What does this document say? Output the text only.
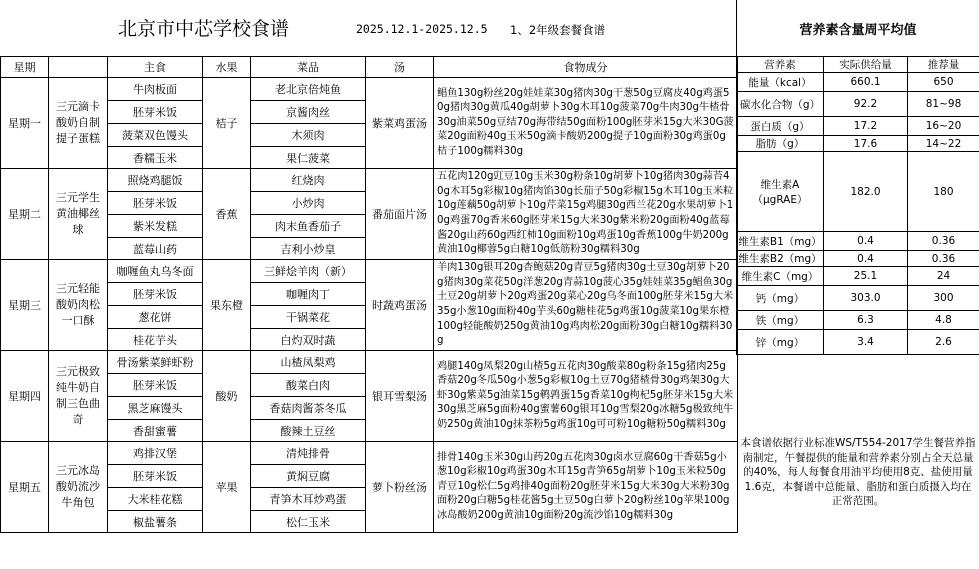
北京市中芯学校食谱	2025.12.1-2025.12.5 1、2年级套餐食谱	营养素含量周平均值
星期		主食	水果	菜品	汤	食物成分
星期一	三元滴卡酸奶自制提子蛋糕	牛肉板面	桔子	老北京倍炖鱼	紫菜鸡蛋汤	鲳鱼130g粉丝20g娃娃菜30g猪肉30g干葱50g豆腐皮40g鸡蛋50g猪肉30g黄瓜40g胡萝卜30g木耳10g菠菜70g牛肉30g牛楂骨30g油菜50g豆结70g海带结50g面粉100g胚芽米15g大米30G菠菜20g面粉40g玉米50g滴卡酸奶200g提子10g面粉30g鸡蛋0g桔子100g糯料30g
		胚芽米饭		京酱肉丝		
		菠菜双色馒头		木须肉		
		香糯玉米		果仁菠菜		
星期二	三元学生黄油椰丝球	照烧鸡腿饭	香蕉	红烧肉	番茄面片汤	五花肉120g豇豆10g玉米30g粉条10g胡萝卜10g猪肉30g蒜苔40g木耳5g彩椒10g猪肉馅30g长茄子50g彩椒15g木耳10g玉米粒10g莲藕50g胡萝卜10g芹菜15g鸡腿30g西兰花20g水果胡萝卜10g鸡蛋70g香米60g胚芽米15g大米30g紫米粉20g面粉40g蓝莓酱20g山药60g西红柿10g面粉10g鸡蛋10g香蕉100g牛奶200g黄油10g椰蓉5g白糖10g低筋粉30g糯料30g
		胚芽米饭		小炒肉		
		紫米发糕		肉末鱼香茄子		
		蓝莓山药		吉利小炒皇		
星期三	三元轻能酸奶肉松一口酥	咖喱鱼丸乌冬面	果东橙	三鲜烩羊肉（新）	时蔬鸡蛋汤	羊肉130g银耳20g杏鲍菇20g青豆5g猪肉30g土豆30g胡萝卜20g猪肉30g菜花50g洋葱20g青蒜10g菠心35g娃娃菜35g鲳鱼30g土豆20g胡萝卜20g鸡蛋20g菜心20g乌冬面100g胚芽米15g大米35g小葱10g面粉40g芋头60g糖桂花5g鸡蛋10g菠菜10g果东橙100g轻能酸奶250g黄油10g鸡肉松20g面粉30g白糖10g糯料30g
		胚芽米饭		咖喱肉丁		
		葱花饼		干锅菜花		
		桂花芋头		白灼双时蔬		
星期四	三元极致纯牛奶自制三色曲奇	骨汤紫菜鲜虾粉	酸奶	山楂凤梨鸡	银耳雪梨汤	鸡腿140g凤梨20g山楂5g五花肉30g酸菜80g粉条15g猪肉25g香菇20g冬瓜50g小葱5g彩椒10g土豆70g猪楂骨30g鸡架30g大虾30g紫菜5g油菜15g鹌鹑蛋15g香菜10g枸杞5g胚芽米15g大米30g黑芝麻5g面粉40g蜜薯60g银耳10g雪梨20g冰糖5g极致纯牛奶250g黄油10g抹茶粉5g鸡蛋10g可可粉10g糖粉50g糯料30g
		胚芽米饭		酸菜白肉		
		黑芝麻馒头		香菇肉酱茶冬瓜		
		香甜蜜薯		酸辣土豆丝		
星期五	三元冰岛酸奶流沙牛角包	鸡排汉堡	苹果	清炖排骨	萝卜粉丝汤	排骨140g玉米30g山药20g五花肉30g卤水豆腐60g干香菇5g小葱10g彩椒10g鸡蛋30g木耳15g青笋65g胡萝卜10g玉米粒50g青豆10g松仁5g鸡排40g面粉20g胚芽米15g大米30g大米粉30g面粉20g白糖5g桂花酱5g土豆50g白萝卜20g粉丝10g苹果100g冰岛酸奶200g黄油10g面粉20g流沙馅10g糯料30g
		胚芽米饭		黄焖豆腐		
		大米桂花糕		青笋木耳炒鸡蛋		
		椒盐薯条		松仁玉米		
营养素	实际供给量	推荐量
能量（kcal）	660.1	650
碳水化合物（g）	92.2	81~98
蛋白质（g）	17.2	16~20
脂肪（g）	17.6	14~22
维生素A（μgRAE）	182.0	180
维生素B1（mg）	0.4	0.36
维生素B2（mg）	0.4	0.36
维生素C（mg）	25.1	24
钙（mg）	303.0	300
铁（mg）	6.3	4.8
锌（mg）	3.4	2.6
本食谱依据行业标准WS/T554-2017学生餐营养指南制定，午餐提供的能量和营养素分别占全天总量的40%，每人每餐食用油平均使用8克、盐使用量1.6克，本餐谱中总能量、脂肪和蛋白质摄入均在正常范围。
